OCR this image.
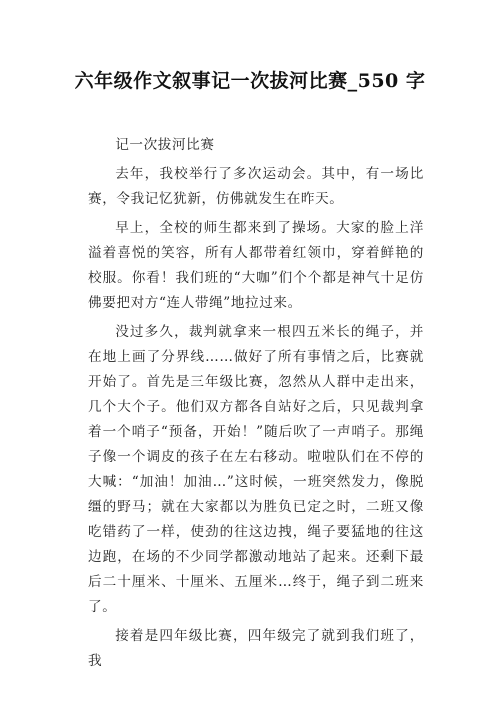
六年级作文叙事记一次拔河比赛_550 字

记一次拔河比赛

去年，我校举行了多次运动会。其中，有一场比赛，令我记忆犹新，仿佛就发生在昨天。

早上，全校的师生都来到了操场。大家的脸上洋溢着喜悦的笑容，所有人都带着红领巾，穿着鲜艳的校服。你看！我们班的“大咖”们个个都是神气十足仿佛要把对方“连人带绳”地拉过来。

没过多久，裁判就拿来一根四五米长的绳子，并在地上画了分界线……做好了所有事情之后，比赛就开始了。首先是三年级比赛，忽然从人群中走出来，几个大个子。他们双方都各自站好之后，只见裁判拿着一个哨子“预备，开始！”随后吹了一声哨子。那绳子像一个调皮的孩子在左右移动。啦啦队们在不停的大喊：“加油！加油…”这时候，一班突然发力，像脱缰的野马；就在大家都以为胜负已定之时，二班又像吃错药了一样，使劲的往这边拽，绳子要猛地的往这边跑，在场的不少同学都激动地站了起来。还剩下最后二十厘米、十厘米、五厘米…终于，绳子到二班来了。

接着是四年级比赛，四年级完了就到我们班了，我
